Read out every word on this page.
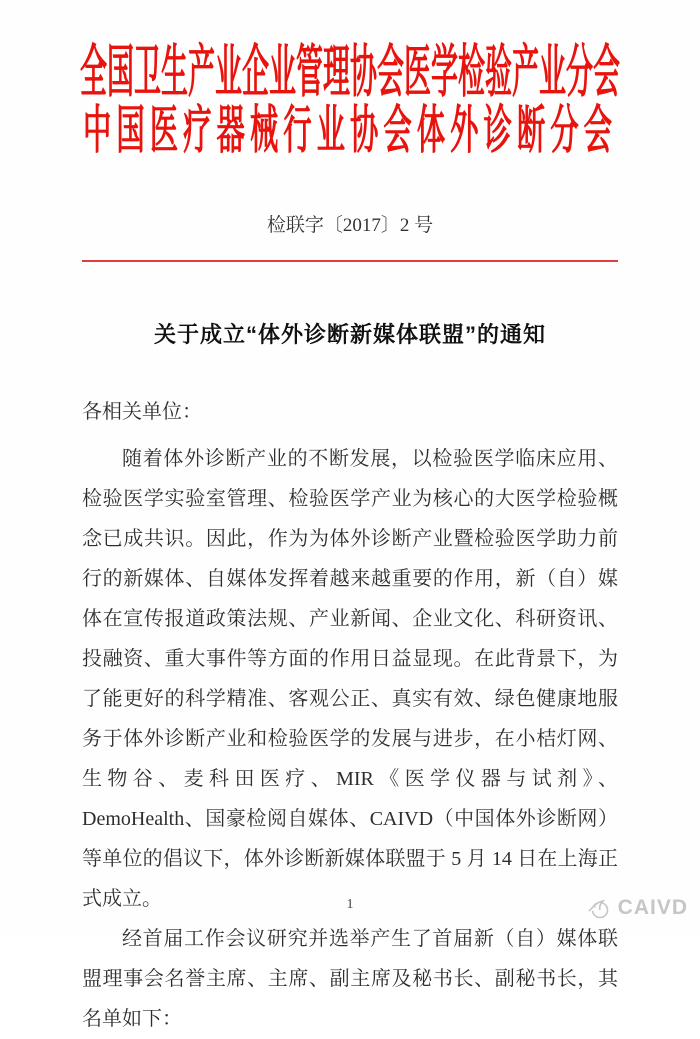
全国卫生产业企业管理协会医学检验产业分会
中国医疗器械行业协会体外诊断分会
检联字〔2017〕2 号
关于成立“体外诊断新媒体联盟”的通知
各相关单位：

随着体外诊断产业的不断发展，以检验医学临床应用、检验医学实验室管理、检验医学产业为核心的大医学检验概念已成共识。因此，作为为体外诊断产业暨检验医学助力前行的新媒体、自媒体发挥着越来越重要的作用，新（自）媒体在宣传报道政策法规、产业新闻、企业文化、科研资讯、投融资、重大事件等方面的作用日益显现。在此背景下，为了能更好的科学精准、客观公正、真实有效、绿色健康地服务于体外诊断产业和检验医学的发展与进步，在小桔灯网、生物谷、麦科田医疗、MIR《医学仪器与试剂》、DemoHealth、国豪检阅自媒体、CAIVD（中国体外诊断网）等单位的倡议下，体外诊断新媒体联盟于 5 月 14 日在上海正式成立。

经首届工作会议研究并选举产生了首届新（自）媒体联盟理事会名誉主席、主席、副主席及秘书长、副秘书长，其名单如下：

1	CAIVD
